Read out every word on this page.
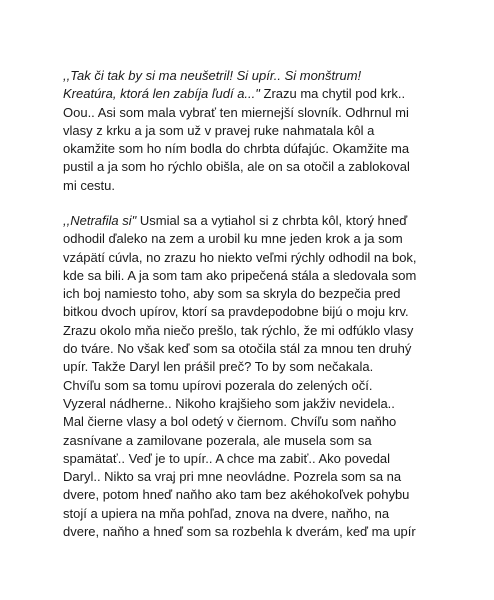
,,Tak či tak by si ma neušetril! Si upír.. Si monštrum!
Kreatúra, ktorá len zabíja ľudí a..." Zrazu ma chytil pod krk..
Oou.. Asi som mala vybrať ten miernejší slovník. Odhrnul mi
vlasy z krku a ja som už v pravej ruke nahmatala kôl a
okamžite som ho ním bodla do chrbta dúfajúc. Okamžite ma
pustil a ja som ho rýchlo obišla, ale on sa otočil a zablokoval
mi cestu.
,,Netrafila si" Usmial sa a vytiahol si z chrbta kôl, ktorý hneď
odhodil ďaleko na zem a urobil ku mne jeden krok a ja som
vzápätí cúvla, no zrazu ho niekto veľmi rýchly odhodil na bok,
kde sa bili. A ja som tam ako pripečená stála a sledovala som
ich boj namiesto toho, aby som sa skryla do bezpečia pred
bitkou dvoch upírov, ktorí sa pravdepodobne bijú o moju krv.
Zrazu okolo mňa niečo prešlo, tak rýchlo, že mi odfúklo vlasy
do tváre. No však keď som sa otočila stál za mnou ten druhý
upír. Takže Daryl len prášil preč? To by som nečakala.
Chvíľu som sa tomu upírovi pozerala do zelených očí.
Vyzeral nádherne.. Nikoho krajšieho som jakživ nevidela..
Mal čierne vlasy a bol odetý v čiernom. Chvíľu som naňho
zasnívane a zamilovane pozerala, ale musela som sa
spamätať.. Veď je to upír.. A chce ma zabiť.. Ako povedal
Daryl.. Nikto sa vraj pri mne neovládne. Pozrela som sa na
dvere, potom hneď naňho ako tam bez akéhokoľvek pohybu
stojí a upiera na mňa pohľad, znova na dvere, naňho, na
dvere, naňho a hneď som sa rozbehla k dverám, keď ma upír
